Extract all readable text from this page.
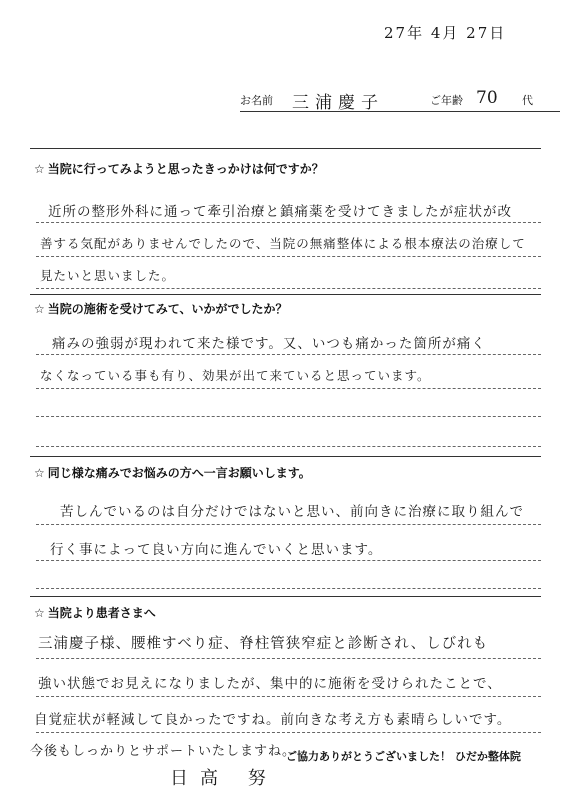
27年 4月 27日
お名前 三浦慶子	ご年齢 70 代
☆ 当院に行ってみようと思ったきっかけは何ですか？
近所の整形外科に通って牽引治療と鎮痛薬を受けてきましたが症状が改
善する気配がありませんでしたので、当院の無痛整体による根本療法の治療して
見たいと思いました。
☆ 当院の施術を受けてみて、いかがでしたか？
痛みの強弱が現われて来た様です。又、いつも痛かった箇所が痛く
なくなっている事も有り、効果が出て来ていると思っています。
☆ 同じ様な痛みでお悩みの方へ一言お願いします。
苦しんでいるのは自分だけではないと思い、前向きに治療に取り組んで
行く事によって良い方向に進んでいくと思います。
☆ 当院より患者さまへ
三浦慶子様、腰椎すべり症、脊柱管狭窄症と診断され、しびれも
強い状態でお見えになりましたが、集中的に施術を受けられたことで、
自覚症状が軽減して良かったですね。前向きな考え方も素晴らしいです。
今後もしっかりとサポートいたしますね。
ご協力ありがとうございました！ ひだか整体院
日高 努
